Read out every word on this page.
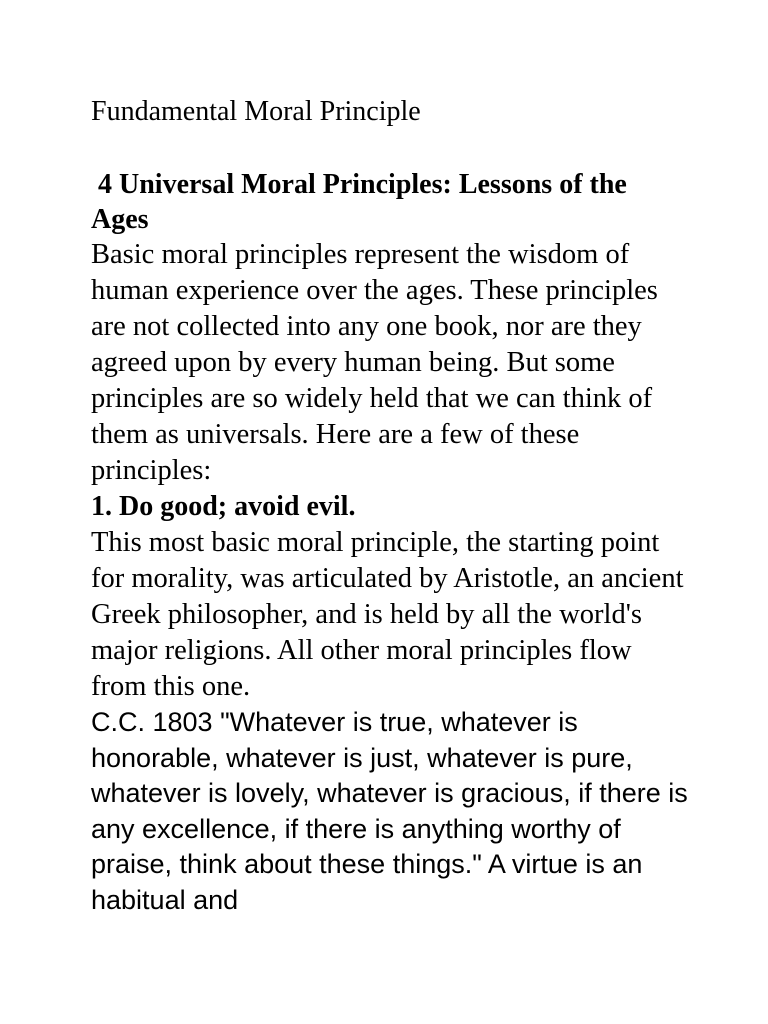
Fundamental Moral Principle
4 Universal Moral Principles: Lessons of the Ages

Basic moral principles represent the wisdom of human experience over the ages. These principles are not collected into any one book, nor are they agreed upon by every human being. But some principles are so widely held that we can think of them as universals. Here are a few of these principles:

1. Do good; avoid evil.

This most basic moral principle, the starting point for morality, was articulated by Aristotle, an ancient Greek philosopher, and is held by all the world's major religions. All other moral principles flow from this one.

C.C. 1803 "Whatever is true, whatever is honorable, whatever is just, whatever is pure, whatever is lovely, whatever is gracious, if there is any excellence, if there is anything worthy of praise, think about these things." A virtue is an habitual and
